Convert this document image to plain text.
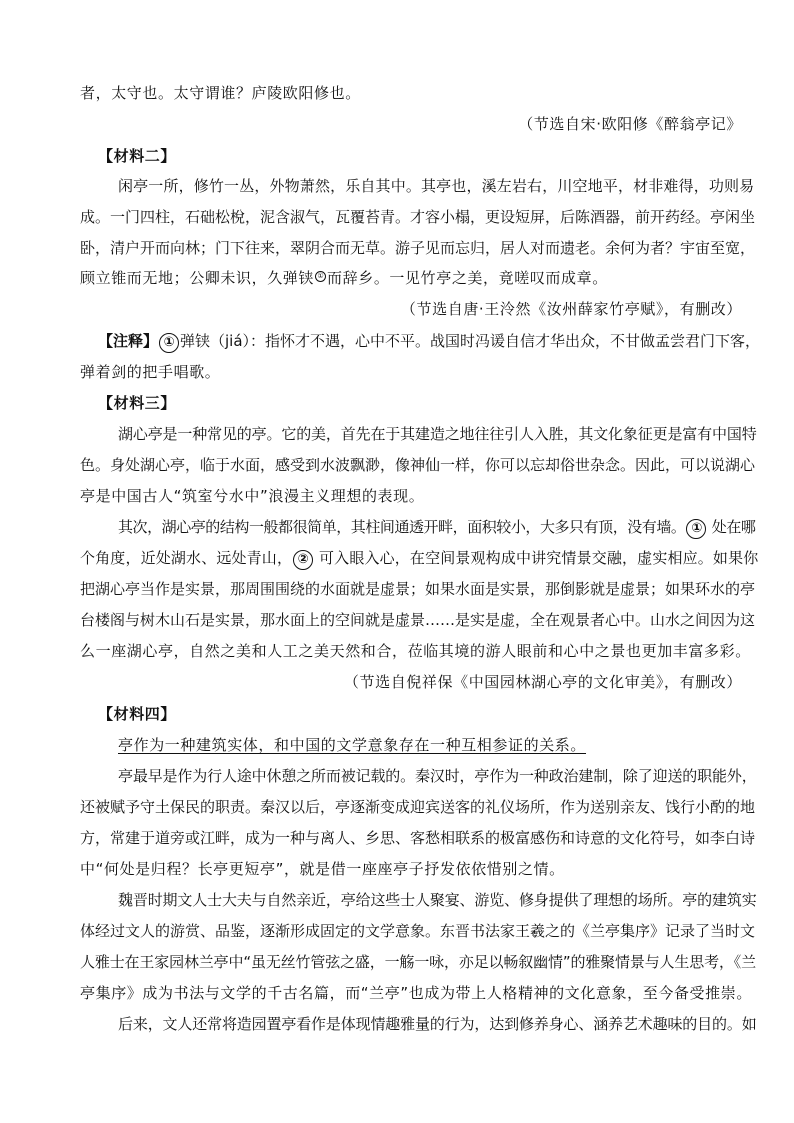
者，太守也。太守谓谁？庐陵欧阳修也。
（节选自宋·欧阳修《醉翁亭记》
【材料二】
闲亭一所，修竹一丛，外物萧然，乐自其中。其亭也，溪左岩右，川空地平，材非难得，功则易
成。一门四柱，石础松梲，泥含淑气，瓦覆苔青。才容小榻，更设短屏，后陈酒器，前开药经。亭闲坐
卧，清户开而向林；门下往来，翠阴合而无草。游子见而忘归，居人对而遗老。余何为者？宇宙至宽，
顾立锥而无地；公卿未识，久弹铗 ① 而辞乡。一见竹亭之美，竟嗟叹而成章。
（节选自唐·王泠然《汝州薛家竹亭赋》，有删改）
【注释】 ① 弹铗（jiá）：指怀才不遇，心中不平。战国时冯谖自信才华出众，不甘做孟尝君门下客，
弹着剑的把手唱歌。
【材料三】
湖心亭是一种常见的亭。它的美，首先在于其建造之地往往引人入胜，其文化象征更是富有中国特
色。身处湖心亭，临于水面，感受到水波飘渺，像神仙一样，你可以忘却俗世杂念。因此，可以说湖心
亭是中国古人“筑室兮水中”浪漫主义理想的表现。
其次，湖心亭的结构一般都很简单，其柱间通透开畔，面积较小，大多只有顶，没有墙。 ① 处在哪
个角度，近处湖水、远处青山， ② 可入眼入心，在空间景观构成中讲究情景交融，虚实相应。如果你
把湖心亭当作是实景，那周围围绕的水面就是虚景；如果水面是实景，那倒影就是虚景；如果环水的亭
台楼阁与树木山石是实景，那水面上的空间就是虚景……是实是虚，全在观景者心中。山水之间因为这
么一座湖心亭，自然之美和人工之美天然和合，莅临其境的游人眼前和心中之景也更加丰富多彩。
（节选自倪祥保《中国园林湖心亭的文化审美》，有删改）
【材料四】
亭作为一种建筑实体，和中国的文学意象存在一种互相参证的关系。
亭最早是作为行人途中休憩之所而被记载的。秦汉时，亭作为一种政治建制，除了迎送的职能外，
还被赋予守土保民的职责。秦汉以后，亭逐渐变成迎宾送客的礼仪场所，作为送别亲友、饯行小酌的地
方，常建于道旁或江畔，成为一种与离人、乡思、客愁相联系的极富感伤和诗意的文化符号，如李白诗
中“何处是归程？长亭更短亭”，就是借一座座亭子抒发依依惜别之情。
魏晋时期文人士大夫与自然亲近，亭给这些士人聚宴、游览、修身提供了理想的场所。亭的建筑实
体经过文人的游赏、品鉴，逐渐形成固定的文学意象。东晋书法家王羲之的《兰亭集序》记录了当时文
人雅士在王家园林兰亭中“虽无丝竹管弦之盛，一觞一咏，亦足以畅叙幽情”的雅聚情景与人生思考，《兰
亭集序》成为书法与文学的千古名篇，而“兰亭”也成为带上人格精神的文化意象，至今备受推崇。
后来，文人还常将造园置亭看作是体现情趣雅量的行为，达到修养身心、涵养艺术趣味的目的。如
